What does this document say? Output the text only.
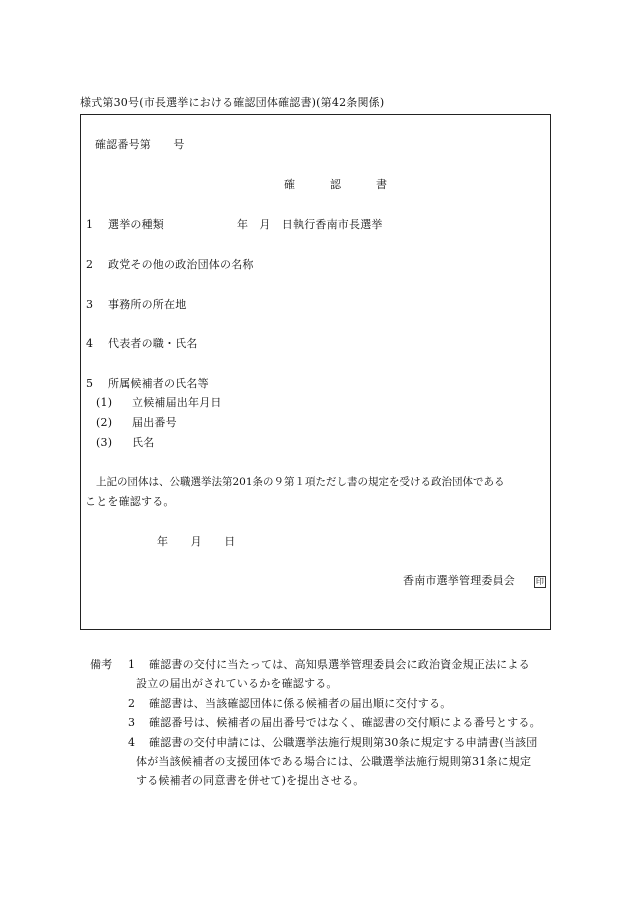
様式第30号(市長選挙における確認団体確認書)(第42条関係)
確認番号第　　号
確　認　書
1 選挙の種類	年　月　日執行香南市長選挙
2 政党その他の政治団体の名称
3 事務所の所在地
4 代表者の職・氏名
5 所属候補者の氏名等
(1) 立候補届出年月日
(2) 届出番号
(3) 氏名
上記の団体は、公職選挙法第201条の９第１項ただし書の規定を受ける政治団体である
ことを確認する。
年　　月　　日
香南市選挙管理委員会	印
備考 1 確認書の交付に当たっては、高知県選挙管理委員会に政治資金規正法による
設立の届出がされているかを確認する。
2 確認書は、当該確認団体に係る候補者の届出順に交付する。
3 確認番号は、候補者の届出番号ではなく、確認書の交付順による番号とする。
4 確認書の交付申請には、公職選挙法施行規則第30条に規定する申請書(当該団
体が当該候補者の支援団体である場合には、公職選挙法施行規則第31条に規定
する候補者の同意書を併せて)を提出させる。
